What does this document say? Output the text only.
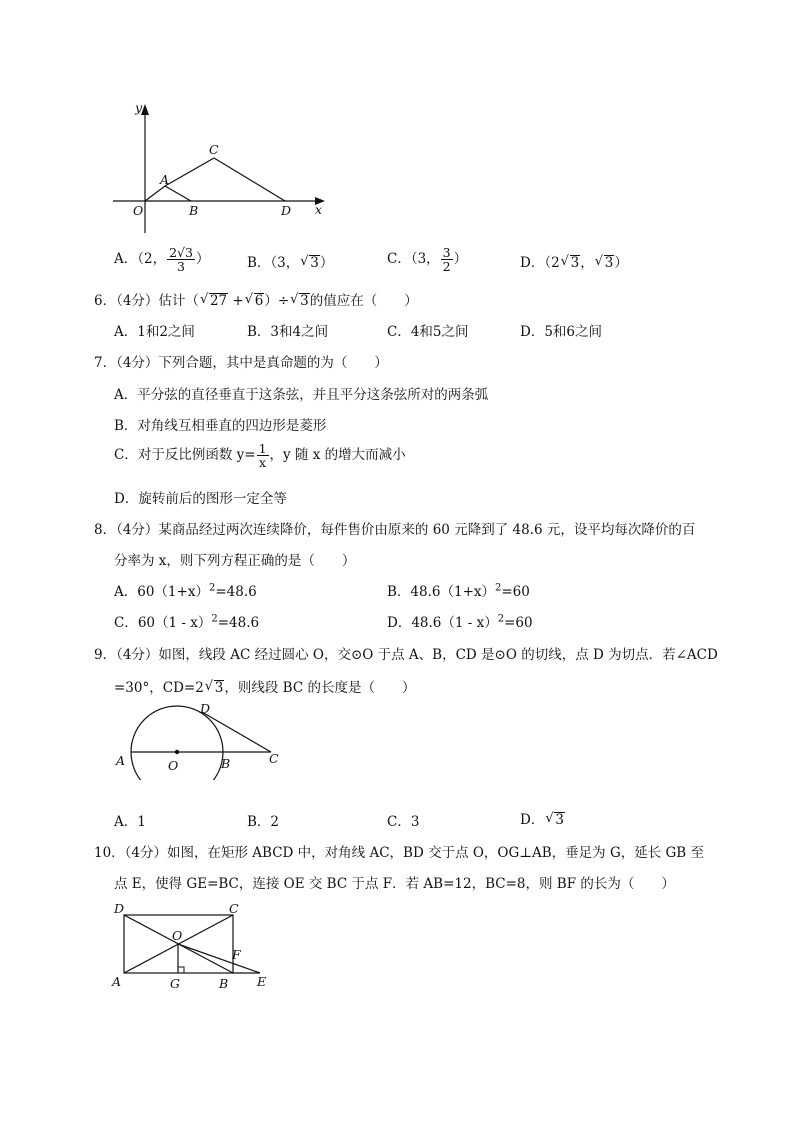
y
x
O
A
B
C
D
A．（2， $\frac{2√3}{3}$ ）	B．（3， √ 3）	C．（3， $\frac{3}{2}$ ）	D．（2 √ 3， √ 3）
6．（4分）估计（ √ 27 + √ 6）÷ √ 3的值应在（　　）
A．1和2之间	B．3和4之间	C．4和5之间	D．5和6之间
7．（4分）下列合题，其中是真命题的为（　　）
A．平分弦的直径垂直于这条弦，并且平分这条弦所对的两条弧
B．对角线互相垂直的四边形是菱形
C．对于反比例函数 $y= \frac{1}{x}$ ，y 随 x 的增大而减小
D．旋转前后的图形一定全等
8．（4分）某商品经过两次连续降价，每件售价由原来的 60 元降到了 48.6 元，设平均每次降价的百
分率为 x，则下列方程正确的是（　　）
A．$60(1+x)^2=48.6$	B．$48.6(1+x)^2=60$
C．60（1 - x）$^2$=48.6	D．48.6（1 - x）$^2$=60
9．（4分）如图，线段 AC 经过圆心 O，交⊙O 于点 A、B，CD 是⊙O 的切线，点 D 为切点．若∠ACD
=30°，CD=2 √ 3，则线段 BC 的长度是（　　）
A	O	B	C
D
A．1	B．2	C．3	D． √ 3
10．（4分）如图，在矩形 ABCD 中，对角线 AC，BD 交于点 O，OG⊥AB，垂足为 G，延长 GB 至
点 E，使得 GE=BC，连接 OE 交 BC 于点 F．若 AB=12，BC=8，则 BF 的长为（　　）
D	C
O
F
A	G	B E
